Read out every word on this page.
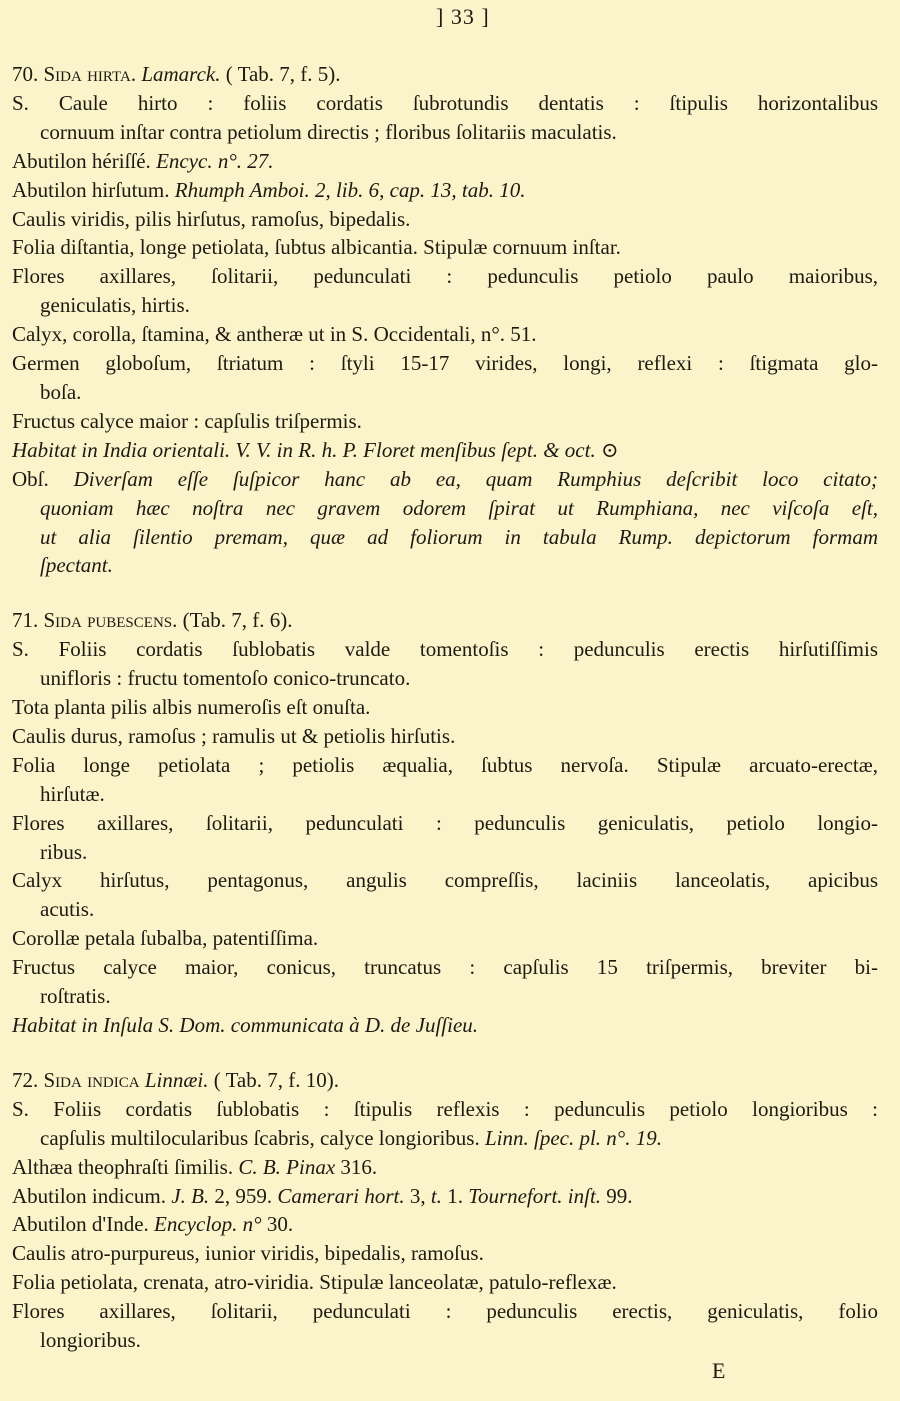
] 33 ]
70. Sida hirta. Lamarck. ( Tab. 7, f. 5).
S. Caule hirto : foliis cordatis ſubrotundis dentatis : ſtipulis horizontalibus
cornuum inſtar contra petiolum directis ; floribus ſolitariis maculatis.
Abutilon hériſſé. Encyc. n°. 27.
Abutilon hirſutum. Rhumph Amboi. 2, lib. 6, cap. 13, tab. 10.
Caulis viridis, pilis hirſutus, ramoſus, bipedalis.
Folia diſtantia, longe petiolata, ſubtus albicantia. Stipulæ cornuum inſtar.
Flores axillares, ſolitarii, pedunculati : pedunculis petiolo paulo maioribus,
geniculatis, hirtis.
Calyx, corolla, ſtamina, & antheræ ut in S. Occidentali, n°. 51.
Germen globoſum, ſtriatum : ſtyli 15-17 virides, longi, reflexi : ſtigmata glo-
boſa.
Fructus calyce maior : capſulis triſpermis.
Habitat in India orientali. V. V. in R. h. P. Floret menſibus ſept. & oct. ⊙
Obſ. Diverſam eſſe ſuſpicor hanc ab ea, quam Rumphius deſcribit loco citato;
quoniam hæc noſtra nec gravem odorem ſpirat ut Rumphiana, nec viſcoſa eſt,
ut alia ſilentio premam, quæ ad foliorum in tabula Rump. depictorum formam
ſpectant.
71. Sida pubescens. (Tab. 7, f. 6).
S. Foliis cordatis ſublobatis valde tomentoſis : pedunculis erectis hirſutiſſimis
unifloris : fructu tomentoſo conico-truncato.
Tota planta pilis albis numeroſis eſt onuſta.
Caulis durus, ramoſus ; ramulis ut & petiolis hirſutis.
Folia longe petiolata ; petiolis æqualia, ſubtus nervoſa. Stipulæ arcuato-erectæ,
hirſutæ.
Flores axillares, ſolitarii, pedunculati : pedunculis geniculatis, petiolo longio-
ribus.
Calyx hirſutus, pentagonus, angulis compreſſis, laciniis lanceolatis, apicibus
acutis.
Corollæ petala ſubalba, patentiſſima.
Fructus calyce maior, conicus, truncatus : capſulis 15 triſpermis, breviter bi-
roſtratis.
Habitat in Inſula S. Dom. communicata à D. de Juſſieu.
72. Sida indica Linnæi. ( Tab. 7, f. 10).
S. Foliis cordatis ſublobatis : ſtipulis reflexis : pedunculis petiolo longioribus :
capſulis multilocularibus ſcabris, calyce longioribus. Linn. ſpec. pl. n°. 19.
Althæa theophraſti ſimilis. C. B. Pinax 316.
Abutilon indicum. J. B. 2, 959. Camerari hort. 3, t. 1. Tournefort. inſt. 99.
Abutilon d'Inde. Encyclop. n° 30.
Caulis atro-purpureus, iunior viridis, bipedalis, ramoſus.
Folia petiolata, crenata, atro-viridia. Stipulæ lanceolatæ, patulo-reflexæ.
Flores axillares, ſolitarii, pedunculati : pedunculis erectis, geniculatis, folio
longioribus.
E
